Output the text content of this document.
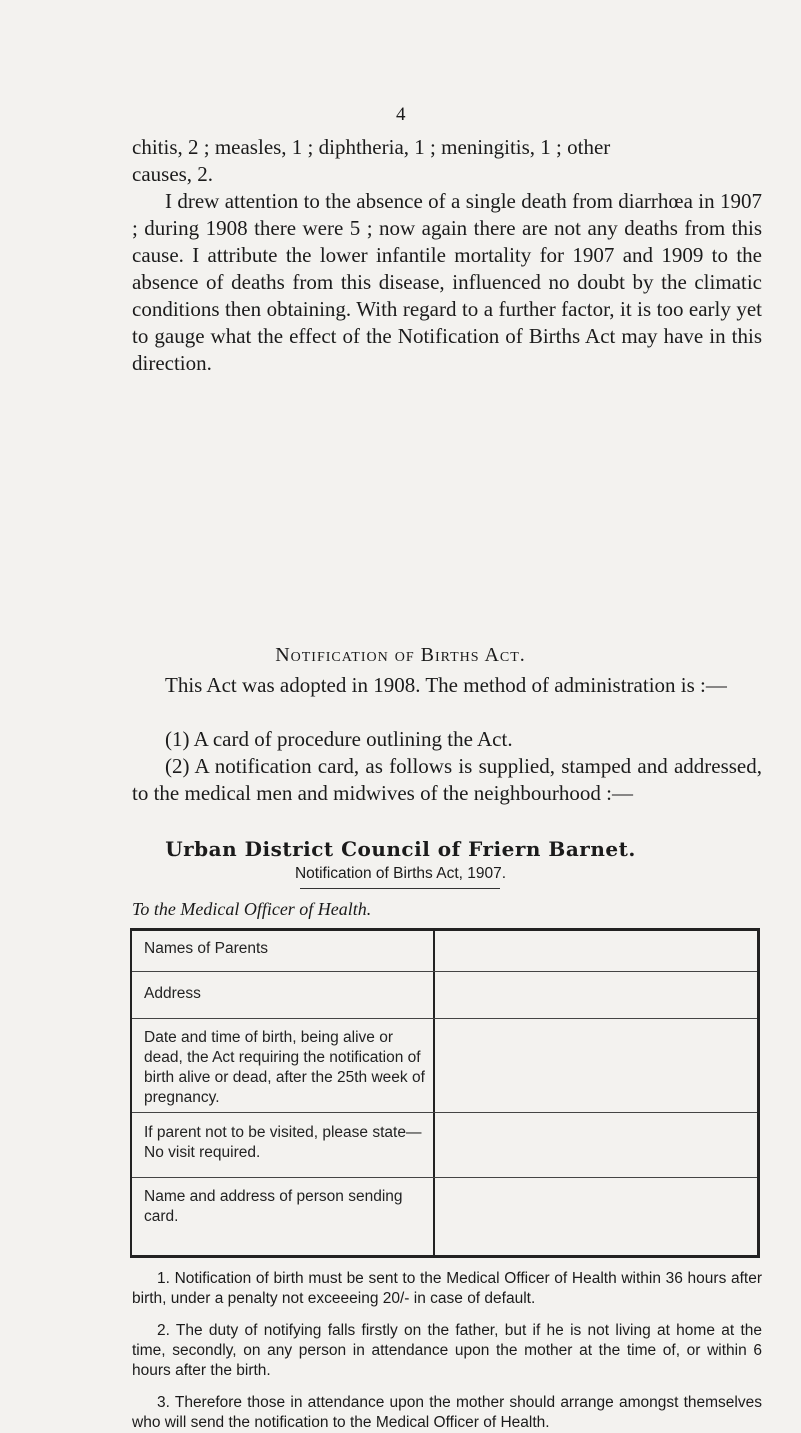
4
chitis, 2 ; measles, 1 ; diphtheria, 1 ; meningitis, 1 ; other
causes, 2.
I drew attention to the absence of a single death from diarrhœa in 1907 ; during 1908 there were 5 ; now again there are not any deaths from this cause. I attribute the lower infantile mortality for 1907 and 1909 to the absence of deaths from this disease, influenced no doubt by the climatic conditions then obtaining. With regard to a further factor, it is too early yet to gauge what the effect of the Notification of Births Act may have in this direction.
Notification of Births Act.
This Act was adopted in 1908. The method of administration is :—
(1) A card of procedure outlining the Act.
(2) A notification card, as follows is supplied, stamped and addressed, to the medical men and midwives of the neighbourhood :—
Urban District Council of Friern Barnet.
Notification of Births Act, 1907.
To the Medical Officer of Health.
Names of Parents
Address
Date and time of birth, being alive or dead, the Act requiring the notification of birth alive or dead, after the 25th week of pregnancy.
If parent not to be visited, please state—No visit required.
Name and address of person sending card.
1. Notification of birth must be sent to the Medical Officer of Health within 36 hours after birth, under a penalty not exceeeing 20/- in case of default.
2. The duty of notifying falls firstly on the father, but if he is not living at home at the time, secondly, on any person in attendance upon the mother at the time of, or within 6 hours after the birth.
3. Therefore those in attendance upon the mother should arrange amongst themselves who will send the notification to the Medical Officer of Health.
